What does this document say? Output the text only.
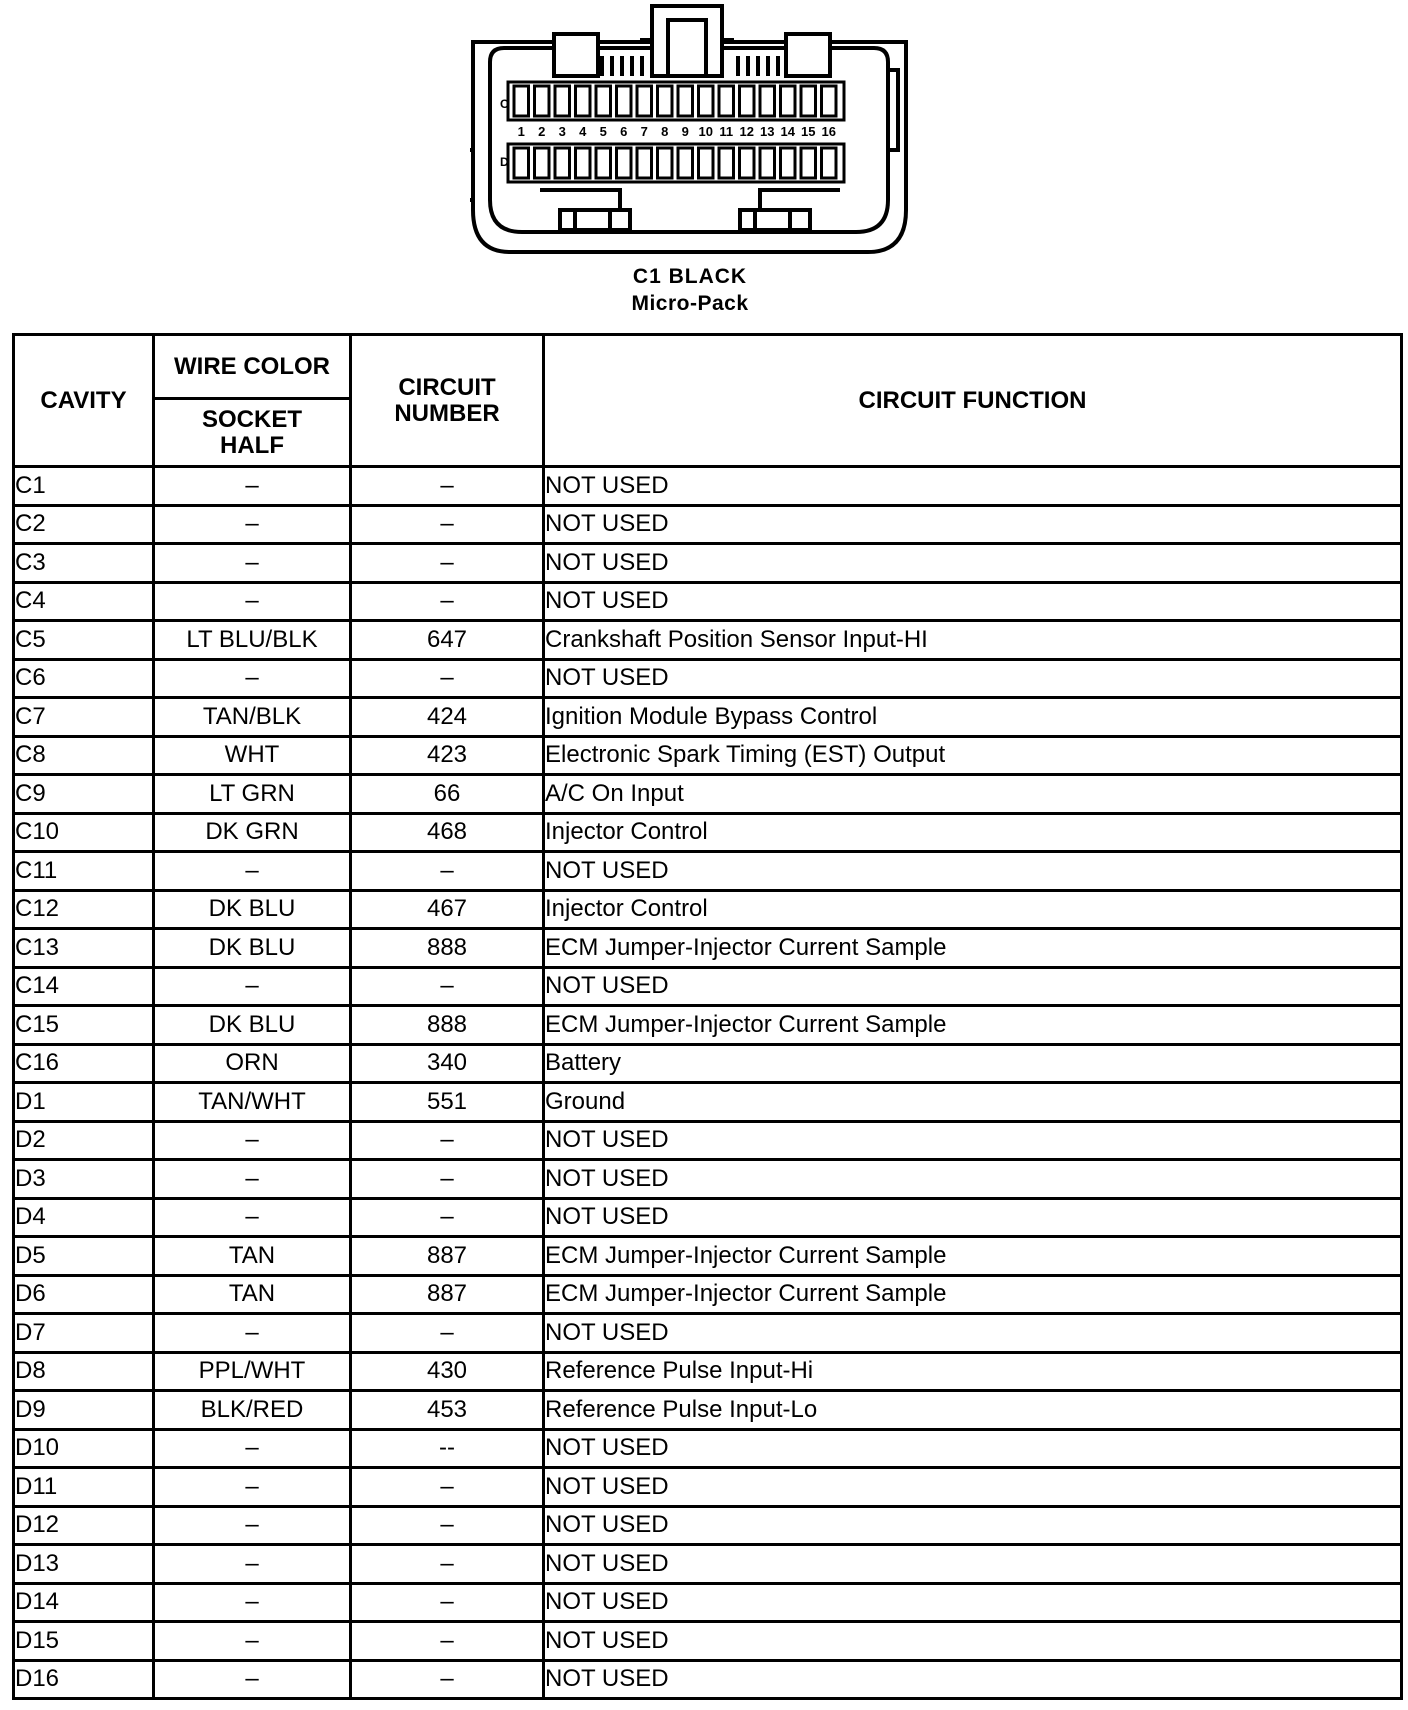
C
D
1 2 3 4 5 6 7 8 9 10 11 12 13 14 15 16
C1 BLACK
Micro-Pack
CAVITY	WIRE COLOR	CIRCUIT NUMBER	CIRCUIT FUNCTION
	SOCKET HALF		
C1	–	–	NOT USED
C2	–	–	NOT USED
C3	–	–	NOT USED
C4	–	–	NOT USED
C5	LT BLU/BLK	647	Crankshaft Position Sensor Input-HI
C6	–	–	NOT USED
C7	TAN/BLK	424	Ignition Module Bypass Control
C8	WHT	423	Electronic Spark Timing (EST) Output
C9	LT GRN	66	A/C On Input
C10	DK GRN	468	Injector Control
C11	–	–	NOT USED
C12	DK BLU	467	Injector Control
C13	DK BLU	888	ECM Jumper-Injector Current Sample
C14	–	–	NOT USED
C15	DK BLU	888	ECM Jumper-Injector Current Sample
C16	ORN	340	Battery
D1	TAN/WHT	551	Ground
D2	–	–	NOT USED
D3	–	–	NOT USED
D4	–	–	NOT USED
D5	TAN	887	ECM Jumper-Injector Current Sample
D6	TAN	887	ECM Jumper-Injector Current Sample
D7	–	–	NOT USED
D8	PPL/WHT	430	Reference Pulse Input-Hi
D9	BLK/RED	453	Reference Pulse Input-Lo
D10	–	--	NOT USED
D11	–	–	NOT USED
D12	–	–	NOT USED
D13	–	–	NOT USED
D14	–	–	NOT USED
D15	–	–	NOT USED
D16	–	–	NOT USED
